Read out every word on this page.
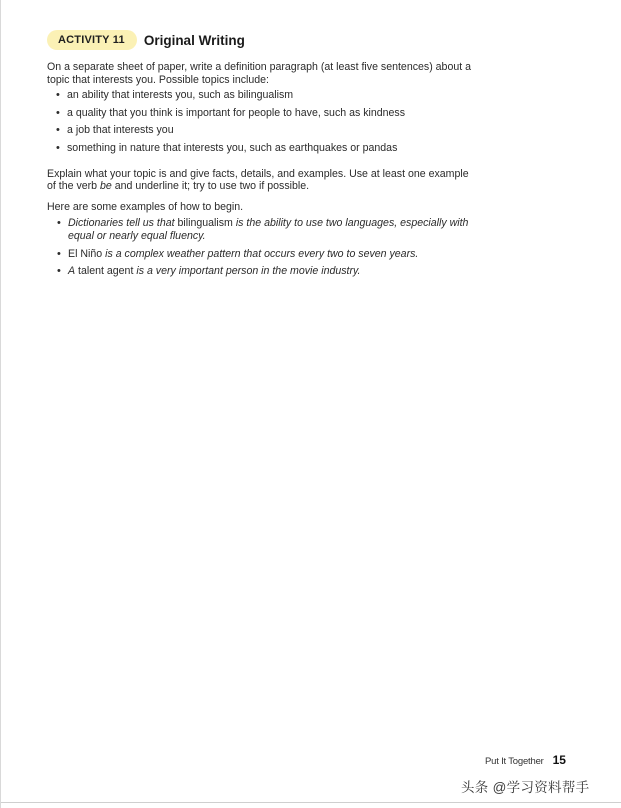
ACTIVITY 11	Original Writing

On a separate sheet of paper, write a definition paragraph (at least five sentences) about a topic that interests you. Possible topics include:

• an ability that interests you, such as bilingualism
• a quality that you think is important for people to have, such as kindness
• a job that interests you
• something in nature that interests you, such as earthquakes or pandas

Explain what your topic is and give facts, details, and examples. Use at least one example of the verb be and underline it; try to use two if possible.

Here are some examples of how to begin.

• Dictionaries tell us that bilingualism is the ability to use two languages, especially with equal or nearly equal fluency.
• El Niño is a complex weather pattern that occurs every two to seven years.
• A talent agent is a very important person in the movie industry.
Put It Together 15
头条 @学习资料帮手
